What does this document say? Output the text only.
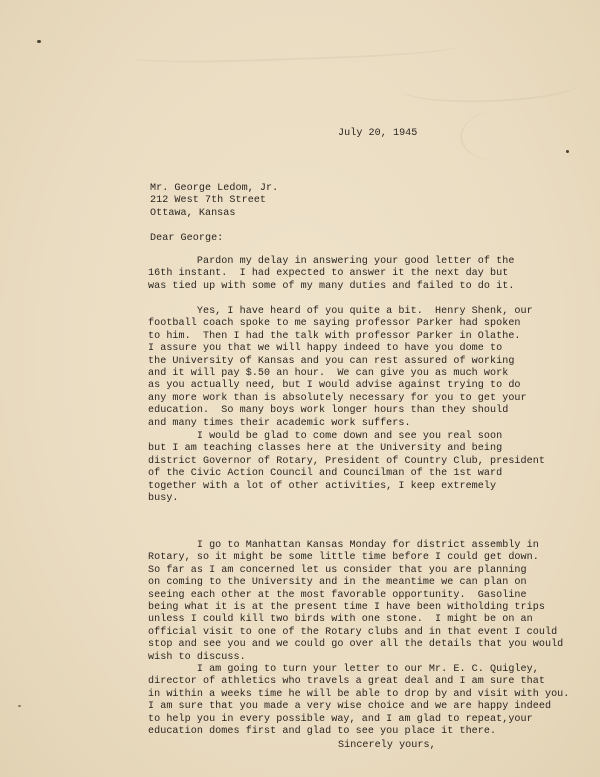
July 20, 1945
Mr. George Ledom, Jr.
212 West 7th Street
Ottawa, Kansas
Dear George:
Pardon my delay in answering your good letter of the
16th instant.  I had expected to answer it the next day but
was tied up with some of my many duties and failed to do it.
Yes, I have heard of you quite a bit.  Henry Shenk, our
football coach spoke to me saying professor Parker had spoken
to him.  Then I had the talk with professor Parker in Olathe.
I assure you that we will happy indeed to have you dome to
the University of Kansas and you can rest assured of working
and it will pay $.50 an hour.  We can give you as much work
as you actually need, but I would advise against trying to do
any more work than is absolutely necessary for you to get your
education.  So many boys work longer hours than they should
and many times their academic work suffers.
I would be glad to come down and see you real soon
but I am teaching classes here at the University and being
district Governor of Rotary, President of Country Club, president
of the Civic Action Council and Councilman of the 1st ward
together with a lot of other activities, I keep extremely
busy.
I go to Manhattan Kansas Monday for district assembly in
Rotary, so it might be some little time before I could get down.
So far as I am concerned let us consider that you are planning
on coming to the University and in the meantime we can plan on
seeing each other at the most favorable opportunity.  Gasoline
being what it is at the present time I have been witholding trips
unless I could kill two birds with one stone.  I might be on an
official visit to one of the Rotary clubs and in that event I could
stop and see you and we could go over all the details that you would
wish to discuss.
I am going to turn your letter to our Mr. E. C. Quigley,
director of athletics who travels a great deal and I am sure that
in within a weeks time he will be able to drop by and visit with you.
I am sure that you made a very wise choice and we are happy indeed
to help you in every possible way, and I am glad to repeat,your
education domes first and glad to see you place it there.
Sincerely yours,
